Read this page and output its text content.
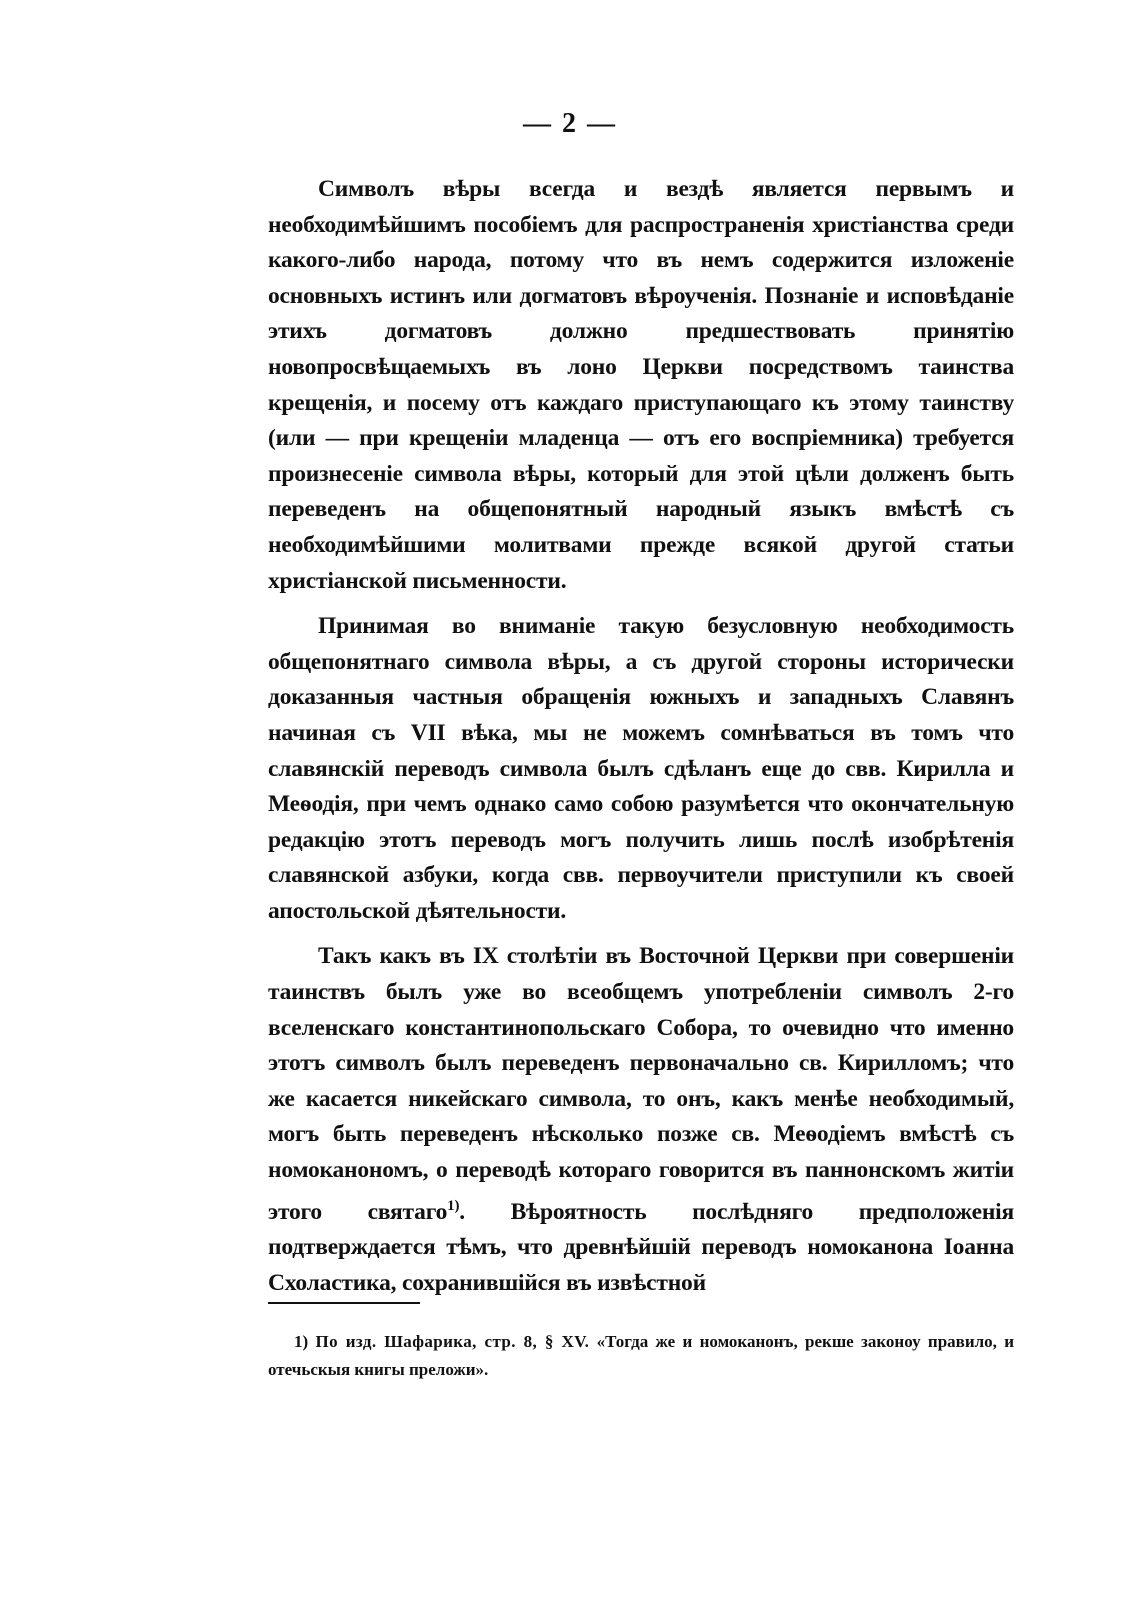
— 2 —

Символъ вѣры всегда и вездѣ является первымъ и необходимѣйшимъ пособіемъ для распространенія христіанства среди какого-либо народа, потому что въ немъ содержится изложеніе основныхъ истинъ или догматовъ вѣроученія. Познаніе и исповѣданіе этихъ догматовъ должно предшествовать принятію новопросвѣщаемыхъ въ лоно Церкви посредствомъ таинства крещенія, и посему отъ каждаго приступающаго къ этому таинству (или — при крещеніи младенца — отъ его воспріемника) требуется произнесеніе символа вѣры, который для этой цѣли долженъ быть переведенъ на общепонятный народный языкъ вмѣстѣ съ необходимѣйшими молитвами прежде всякой другой статьи христіанской письменности.

Принимая во вниманіе такую безусловную необходимость общепонятнаго символа вѣры, а съ другой стороны исторически доказанныя частныя обращенія южныхъ и западныхъ Славянъ начиная съ VII вѣка, мы не можемъ сомнѣваться въ томъ что славянскій переводъ символа былъ сдѣланъ еще до свв. Кирилла и Меѳодія, при чемъ однако само собою разумѣется что окончательную редакцію этотъ переводъ могъ получить лишь послѣ изобрѣтенія славянской азбуки, когда свв. первоучители приступили къ своей апостольской дѣятельности.

Такъ какъ въ IX столѣтіи въ Восточной Церкви при совершеніи таинствъ былъ уже во всеобщемъ употребленіи символъ 2-го вселенскаго константинопольскаго Собора, то очевидно что именно этотъ символъ былъ переведенъ первоначально св. Кирилломъ; что же касается никейскаго символа, то онъ, какъ менѣе необходимый, могъ быть переведенъ нѣсколько позже св. Меѳодіемъ вмѣстѣ съ номоканономъ, о переводѣ котораго говорится въ паннонскомъ житіи этого святаго$^{1)}$. Вѣроятность послѣдняго предположенія подтверждается тѣмъ, что древнѣйшій переводъ номоканона Іоанна Схоластика, сохранившійся въ извѣстной

1) По изд. Шафарика, стр. 8, § XV. «Тогда же и номоканонъ, рекше законоу правило, и отечьскыя книгы преложи».
